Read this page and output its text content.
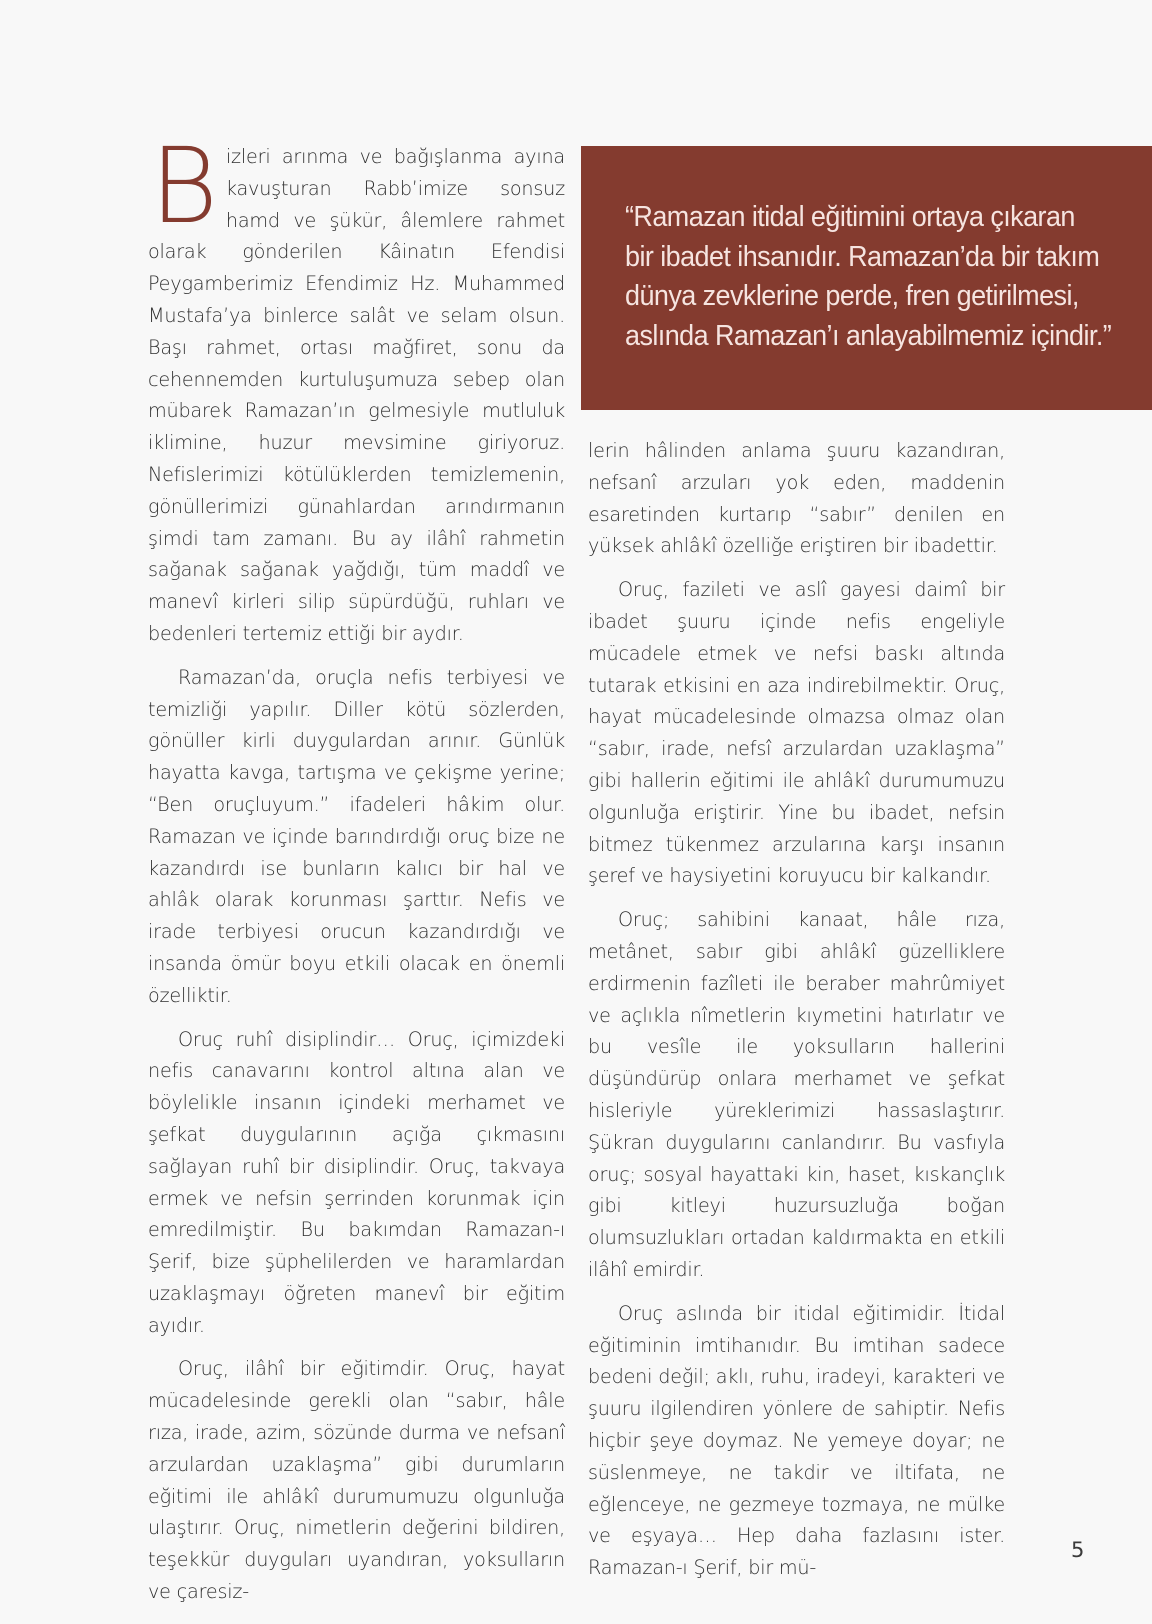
Bizleri arınma ve bağışlanma ayına kavuşturan Rabb’imize sonsuz hamd ve şükür, âlemlere rahmet olarak gönderilen Kâinatın Efendisi Peygamberimiz Efendimiz Hz. Muhammed Mustafa’ya binlerce salât ve selam olsun. Başı rahmet, ortası mağfiret, sonu da cehennemden kurtuluşumuza sebep olan mübarek Ramazan’ın gelmesiyle mutluluk iklimine, huzur mevsimine giriyoruz. Nefislerimizi kötülüklerden temizlemenin, gönüllerimizi günahlardan arındırmanın şimdi tam zamanı. Bu ay ilâhî rahmetin sağanak sağanak yağdığı, tüm maddî ve manevî kirleri silip süpürdüğü, ruhları ve bedenleri tertemiz ettiği bir aydır.

Ramazan’da, oruçla nefis terbiyesi ve temizliği yapılır. Diller kötü sözlerden, gönüller kirli duygulardan arınır. Günlük hayatta kavga, tartışma ve çekişme yerine; “Ben oruçluyum.” ifadeleri hâkim olur. Ramazan ve içinde barındırdığı oruç bize ne kazandırdı ise bunların kalıcı bir hal ve ahlâk olarak korunması şarttır. Nefis ve irade terbiyesi orucun kazandırdığı ve insanda ömür boyu etkili olacak en önemli özelliktir.

Oruç ruhî disiplindir… Oruç, içimizdeki nefis canavarını kontrol altına alan ve böylelikle insanın içindeki merhamet ve şefkat duygularının açığa çıkmasını sağlayan ruhî bir disiplindir. Oruç, takvaya ermek ve nefsin şerrinden korunmak için emredilmiştir. Bu bakımdan Ramazan-ı Şerif, bize şüphelilerden ve haramlardan uzaklaşmayı öğreten manevî bir eğitim ayıdır.

Oruç, ilâhî bir eğitimdir. Oruç, hayat mücadelesinde gerekli olan “sabır, hâle rıza, irade, azim, sözünde durma ve nefsanî arzulardan uzaklaşma” gibi durumların eğitimi ile ahlâkî durumumuzu olgunluğa ulaştırır. Oruç, nimetlerin değerini bildiren, teşekkür duyguları uyandıran, yoksulların ve çaresiz-

“Ramazan itidal eğitimini ortaya çıkaran
bir ibadet ihsanıdır. Ramazan’da bir takım
dünya zevklerine perde, fren getirilmesi,
aslında Ramazan’ı anlayabilmemiz içindir.”

lerin hâlinden anlama şuuru kazandıran, nefsanî arzuları yok eden, maddenin esaretinden kurtarıp “sabır” denilen en yüksek ahlâkî özelliğe eriştiren bir ibadettir.

Oruç, fazileti ve aslî gayesi daimî bir ibadet şuuru içinde nefis engeliyle mücadele etmek ve nefsi baskı altında tutarak etkisini en aza indirebilmektir. Oruç, hayat mücadelesinde olmazsa olmaz olan “sabır, irade, nefsî arzulardan uzaklaşma” gibi hallerin eğitimi ile ahlâkî durumumuzu olgunluğa eriştirir. Yine bu ibadet, nefsin bitmez tükenmez arzularına karşı insanın şeref ve haysiyetini koruyucu bir kalkandır.

Oruç; sahibini kanaat, hâle rıza, metânet, sabır gibi ahlâkî güzelliklere erdirmenin fazîleti ile beraber mahrûmiyet ve açlıkla nîmetlerin kıymetini hatırlatır ve bu vesîle ile yoksulların hallerini düşündürüp onlara merhamet ve şefkat hisleriyle yüreklerimizi hassaslaştırır. Şükran duygularını canlandırır. Bu vasfıyla oruç; sosyal hayattaki kin, haset, kıskançlık gibi kitleyi huzursuzluğa boğan olumsuzlukları ortadan kaldırmakta en etkili ilâhî emirdir.

Oruç aslında bir itidal eğitimidir. İtidal eğitiminin imtihanıdır. Bu imtihan sadece bedeni değil; aklı, ruhu, iradeyi, karakteri ve şuuru ilgilendiren yönlere de sahiptir. Nefis hiçbir şeye doymaz. Ne yemeye doyar; ne süslenmeye, ne takdir ve iltifata, ne eğlenceye, ne gezmeye tozmaya, ne mülke ve eşyaya… Hep daha fazlasını ister. Ramazan-ı Şerif, bir mü-

5
